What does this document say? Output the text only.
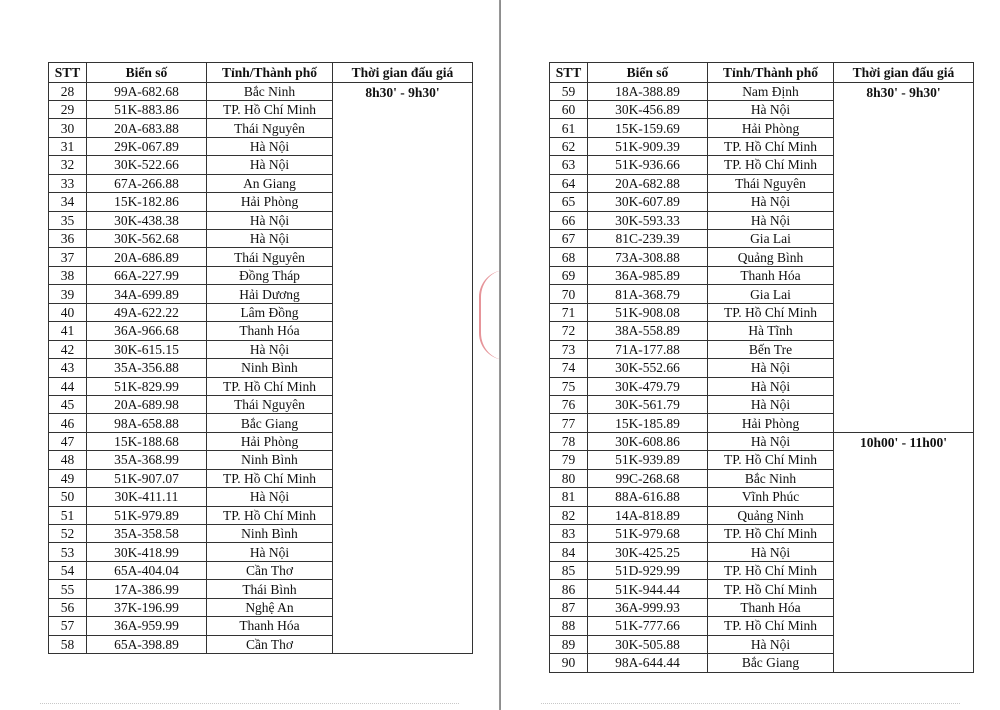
STT	Biển số	Tỉnh/Thành phố	Thời gian đấu giá
28	99A-682.68	Bắc Ninh	8h30' - 9h30'

29	51K-883.86	TP. Hồ Chí Minh	
30	20A-683.88	Thái Nguyên	
31	29K-067.89	Hà Nội	
32	30K-522.66	Hà Nội	
33	67A-266.88	An Giang	
34	15K-182.86	Hải Phòng	
35	30K-438.38	Hà Nội	
36	30K-562.68	Hà Nội	
37	20A-686.89	Thái Nguyên	
38	66A-227.99	Đồng Tháp	
39	34A-699.89	Hải Dương	
40	49A-622.22	Lâm Đồng	
41	36A-966.68	Thanh Hóa	
42	30K-615.15	Hà Nội	
43	35A-356.88	Ninh Bình	
44	51K-829.99	TP. Hồ Chí Minh	
45	20A-689.98	Thái Nguyên	
46	98A-658.88	Bắc Giang	
47	15K-188.68	Hải Phòng	
48	35A-368.99	Ninh Bình	
49	51K-907.07	TP. Hồ Chí Minh	
50	30K-411.11	Hà Nội	
51	51K-979.89	TP. Hồ Chí Minh	
52	35A-358.58	Ninh Bình	
53	30K-418.99	Hà Nội	
54	65A-404.04	Cần Thơ	
55	17A-386.99	Thái Bình	
56	37K-196.99	Nghệ An	
57	36A-959.99	Thanh Hóa	
58	65A-398.89	Cần Thơ	
STT	Biển số	Tỉnh/Thành phố	Thời gian đấu giá
59	18A-388.89	Nam Định	8h30' - 9h30'

60	30K-456.89	Hà Nội	
61	15K-159.69	Hải Phòng	
62	51K-909.39	TP. Hồ Chí Minh	
63	51K-936.66	TP. Hồ Chí Minh	
64	20A-682.88	Thái Nguyên	
65	30K-607.89	Hà Nội	
66	30K-593.33	Hà Nội	
67	81C-239.39	Gia Lai	
68	73A-308.88	Quảng Bình	
69	36A-985.89	Thanh Hóa	
70	81A-368.79	Gia Lai	
71	51K-908.08	TP. Hồ Chí Minh	
72	38A-558.89	Hà Tĩnh	
73	71A-177.88	Bến Tre	
74	30K-552.66	Hà Nội	
75	30K-479.79	Hà Nội	
76	30K-561.79	Hà Nội	
77	15K-185.89	Hải Phòng	
78	30K-608.86	Hà Nội	10h00' - 11h00'

79	51K-939.89	TP. Hồ Chí Minh	
80	99C-268.68	Bắc Ninh	
81	88A-616.88	Vĩnh Phúc	
82	14A-818.89	Quảng Ninh	
83	51K-979.68	TP. Hồ Chí Minh	
84	30K-425.25	Hà Nội	
85	51D-929.99	TP. Hồ Chí Minh	
86	51K-944.44	TP. Hồ Chí Minh	
87	36A-999.93	Thanh Hóa	
88	51K-777.66	TP. Hồ Chí Minh	
89	30K-505.88	Hà Nội	
90	98A-644.44	Bắc Giang	
